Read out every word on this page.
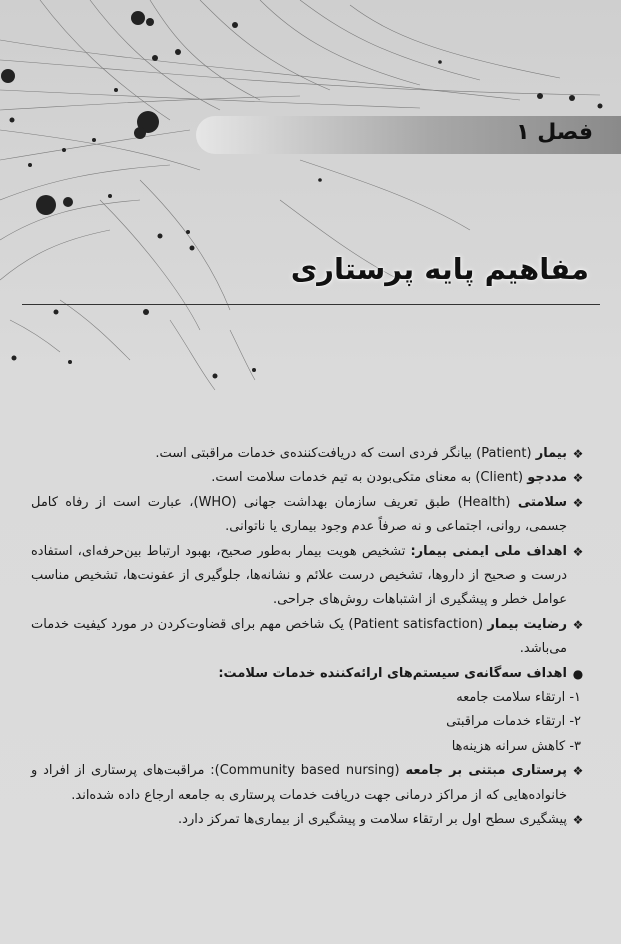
فصل ۱
مفاهیم پایه پرستاری
❖
بیمار (Patient) بیانگر فردی است که دریافت‌کننده‌ی خدمات مراقبتی است.
❖
مددجو (Client) به معنای متکی‌بودن به تیم خدمات سلامت است.
❖
سلامتی (Health) طبق تعریف سازمان بهداشت جهانی (WHO)، عبارت است از رفاه کامل جسمی، روانی، اجتماعی و نه صرفاً عدم وجود بیماری یا ناتوانی.
❖
اهداف ملی ایمنی بیمار: تشخیص هویت بیمار به‌طور صحیح، بهبود ارتباط بین‌حرفه‌ای، استفاده درست و صحیح از داروها، تشخیص درست علائم و نشانه‌ها، جلوگیری از عفونت‌ها، تشخیص مناسب عوامل خطر و پیشگیری از اشتباهات روش‌های جراحی.
❖
رضایت بیمار (Patient satisfaction) یک شاخص مهم برای قضاوت‌کردن در مورد کیفیت خدمات می‌باشد.
●
اهداف سه‌گانه‌ی سیستم‌های ارائه‌کننده خدمات سلامت:
۱- ارتقاء سلامت جامعه
۲- ارتقاء خدمات مراقبتی
۳- کاهش سرانه هزینه‌ها
❖
پرستاری مبتنی بر جامعه (Community based nursing): مراقبت‌های پرستاری از افراد و خانواده‌هایی که از مراکز درمانی جهت دریافت خدمات پرستاری به جامعه ارجاع داده شده‌اند.
❖
پیشگیری سطح اول بر ارتقاء سلامت و پیشگیری از بیماری‌ها تمرکز دارد.
